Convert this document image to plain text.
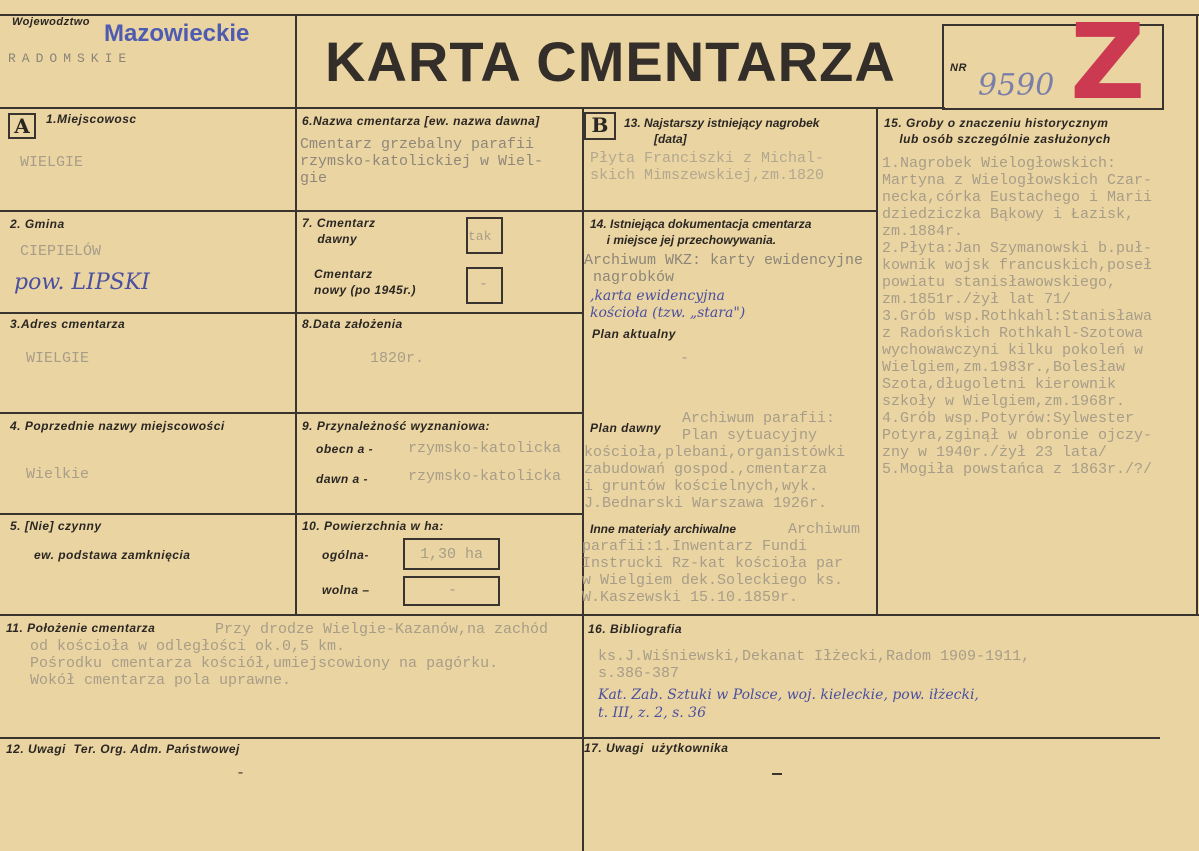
Wojewodztwo Mazowieckie
RADOMSKIE	KARTA CMENTARZA	NR 9590 Z
A	1.Miejscowosc
WIELGIE
2. Gmina
CIEPIELÓW
pow. LIPSKI
3.Adres cmentarza
WIELGIE
4. Poprzednie nazwy miejscowości
Wielkie
5. [Nie] czynny
ew. podstawa zamknięcia
6.Nazwa cmentarza [ew. nazwa dawna]
Cmentarz grzebalny parafii
rzymsko-katolickiej w Wiel-
gie
7. Cmentarz
dawny	tak
Cmentarz
nowy (po 1945r.)	-
8.Data założenia
1820r.
9. Przynależność wyznaniowa:
obecn a - rzymsko-katolicka
dawn a -	rzymsko-katolicka
10. Powierzchnia w ha:
ogólna-	1,30 ha
wolna –	-
B	13. Najstarszy istniejący nagrobek
[data]
Płyta Franciszki z Michal-
skich Mimszewskiej,zm.1820
14. Istniejąca dokumentacja cmentarza
i miejsce jej przechowywania.
Archiwum WKZ: karty ewidencyjne
nagrobków
,karta ewidencyjna
kościoła (tzw. „stara")
Plan aktualny
-
Plan dawny
Archiwum parafii:
Plan sytuacyjny
kościoła,plebani,organistówki
zabudowań gospod.,cmentarza
i gruntów kościelnych,wyk.
J.Bednarski Warszawa 1926r.
Inne materiały archiwalne	Archiwum
parafii:1.Inwentarz Fundi
Instrucki Rz-kat kościoła par
w Wielgiem dek.Soleckiego ks.
W.Kaszewski 15.10.1859r.
15. Groby o znaczeniu historycznym
lub osób szczególnie zasłużonych
1.Nagrobek Wielogłowskich:
Martyna z Wielogłowskich Czar-
necka,córka Eustachego i Marii
dziedziczka Bąkowy i Łazisk,
zm.1884r.
2.Płyta:Jan Szymanowski b.puł-
kownik wojsk francuskich,poseł
powiatu stanisławowskiego,
zm.1851r./żył lat 71/
3.Grób wsp.Rothkahl:Stanisława
z Radońskich Rothkahl-Szotowa
wychowawczyni kilku pokoleń w
Wielgiem,zm.1983r.,Bolesław
Szota,długoletni kierownik
szkoły w Wielgiem,zm.1968r.
4.Grób wsp.Potyrów:Sylwester
Potyra,zginął w obronie ojczy-
zny w 1940r./żył 23 lata/
5.Mogiła powstańca z 1863r./?/
11. Położenie cmentarza	Przy drodze Wielgie-Kazanów,na zachód
od kościoła w odległości ok.0,5 km.
Pośrodku cmentarza kościół,umiejscowiony na pagórku.
Wokół cmentarza pola uprawne.
12. Uwagi  Ter. Org. Adm. Państwowej
-
16. Bibliografia
ks.J.Wiśniewski,Dekanat Iłżecki,Radom 1909-1911,
s.386-387
Kat. Zab. Sztuki w Polsce, woj. kieleckie, pow. iłżecki,
t. III, z. 2, s. 36
17. Uwagi  użytkownika
